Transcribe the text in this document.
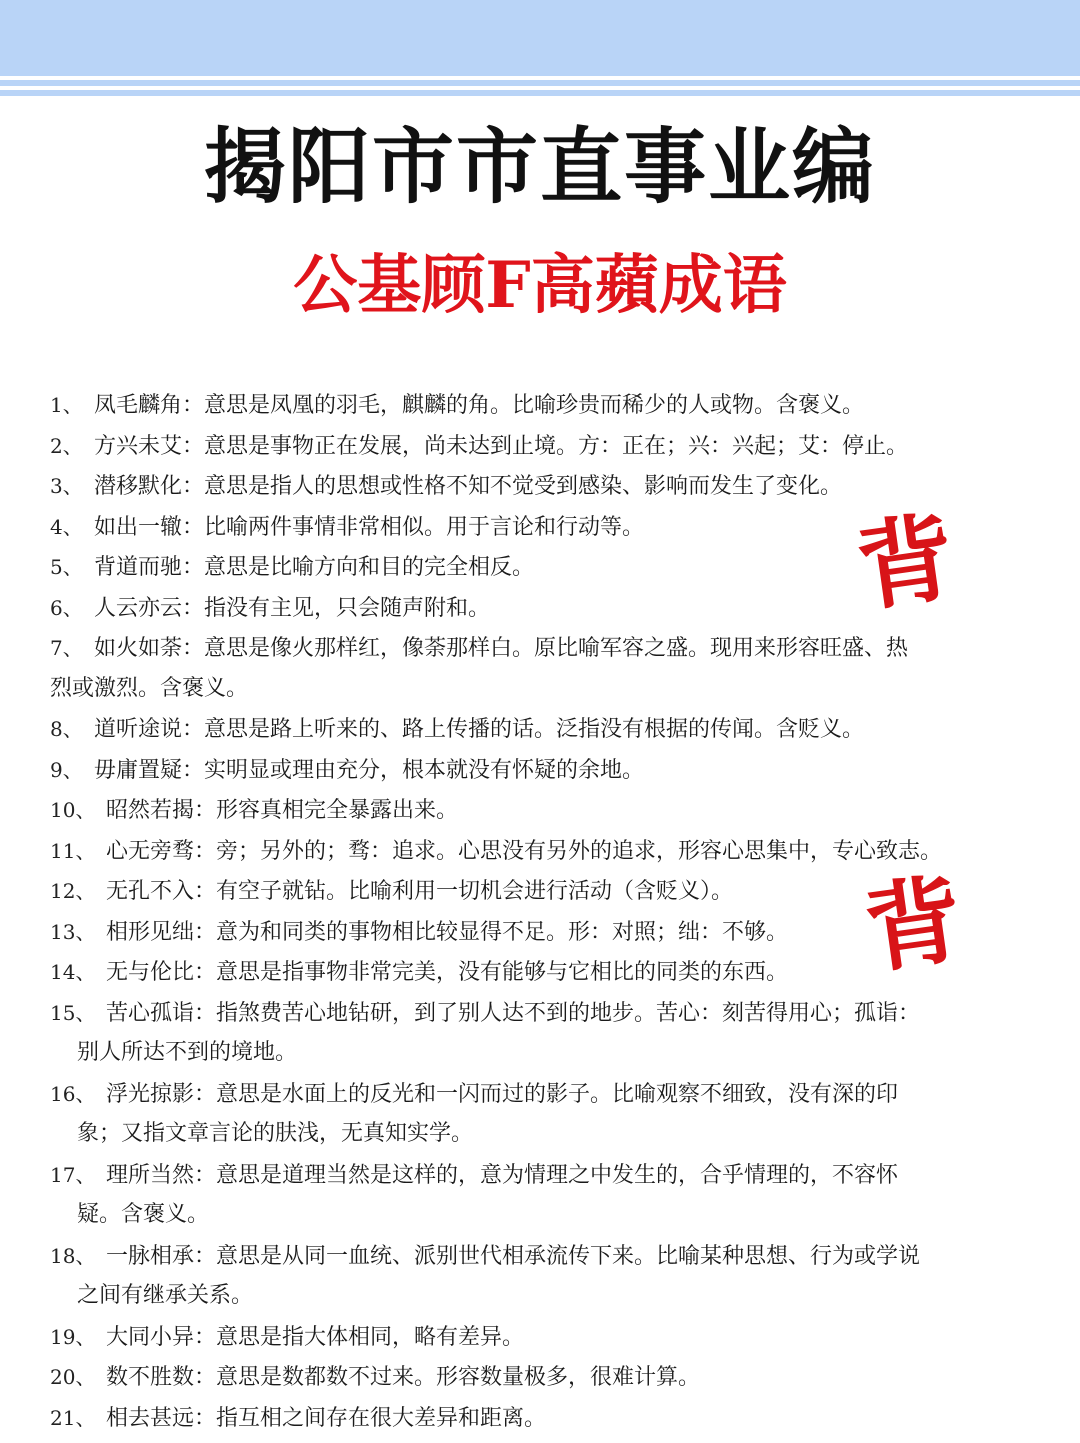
揭阳市市直事业编
公基顾F高蘋成语
1、 凤毛麟角：意思是凤凰的羽毛，麒麟的角。比喻珍贵而稀少的人或物。含褒义。
2、 方兴未艾：意思是事物正在发展，尚未达到止境。方：正在；兴：兴起；艾：停止。
3、 潜移默化：意思是指人的思想或性格不知不觉受到感染、影响而发生了变化。
4、 如出一辙：比喻两件事情非常相似。用于言论和行动等。
5、 背道而驰：意思是比喻方向和目的完全相反。
6、 人云亦云：指没有主见，只会随声附和。
7、 如火如荼：意思是像火那样红，像荼那样白。原比喻军容之盛。现用来形容旺盛、热
烈或激烈。含褒义。
8、 道听途说：意思是路上听来的、路上传播的话。泛指没有根据的传闻。含贬义。
9、 毋庸置疑：实明显或理由充分，根本就没有怀疑的余地。
10、 昭然若揭：形容真相完全暴露出来。
11、 心无旁骛：旁；另外的；骛：追求。心思没有另外的追求，形容心思集中，专心致志。
12、 无孔不入：有空子就钻。比喻利用一切机会进行活动（含贬义）。
13、 相形见绌：意为和同类的事物相比较显得不足。形：对照；绌：不够。
14、 无与伦比：意思是指事物非常完美，没有能够与它相比的同类的东西。
15、 苦心孤诣：指煞费苦心地钻研，到了别人达不到的地步。苦心：刻苦得用心；孤诣：
别人所达不到的境地。
16、 浮光掠影：意思是水面上的反光和一闪而过的影子。比喻观察不细致，没有深的印
象；又指文章言论的肤浅，无真知实学。
17、 理所当然：意思是道理当然是这样的，意为情理之中发生的，合乎情理的，不容怀
疑。含褒义。
18、 一脉相承：意思是从同一血统、派别世代相承流传下来。比喻某种思想、行为或学说
之间有继承关系。
19、 大同小异：意思是指大体相同，略有差异。
20、 数不胜数：意思是数都数不过来。形容数量极多，很难计算。
21、 相去甚远：指互相之间存在很大差异和距离。
背
背
